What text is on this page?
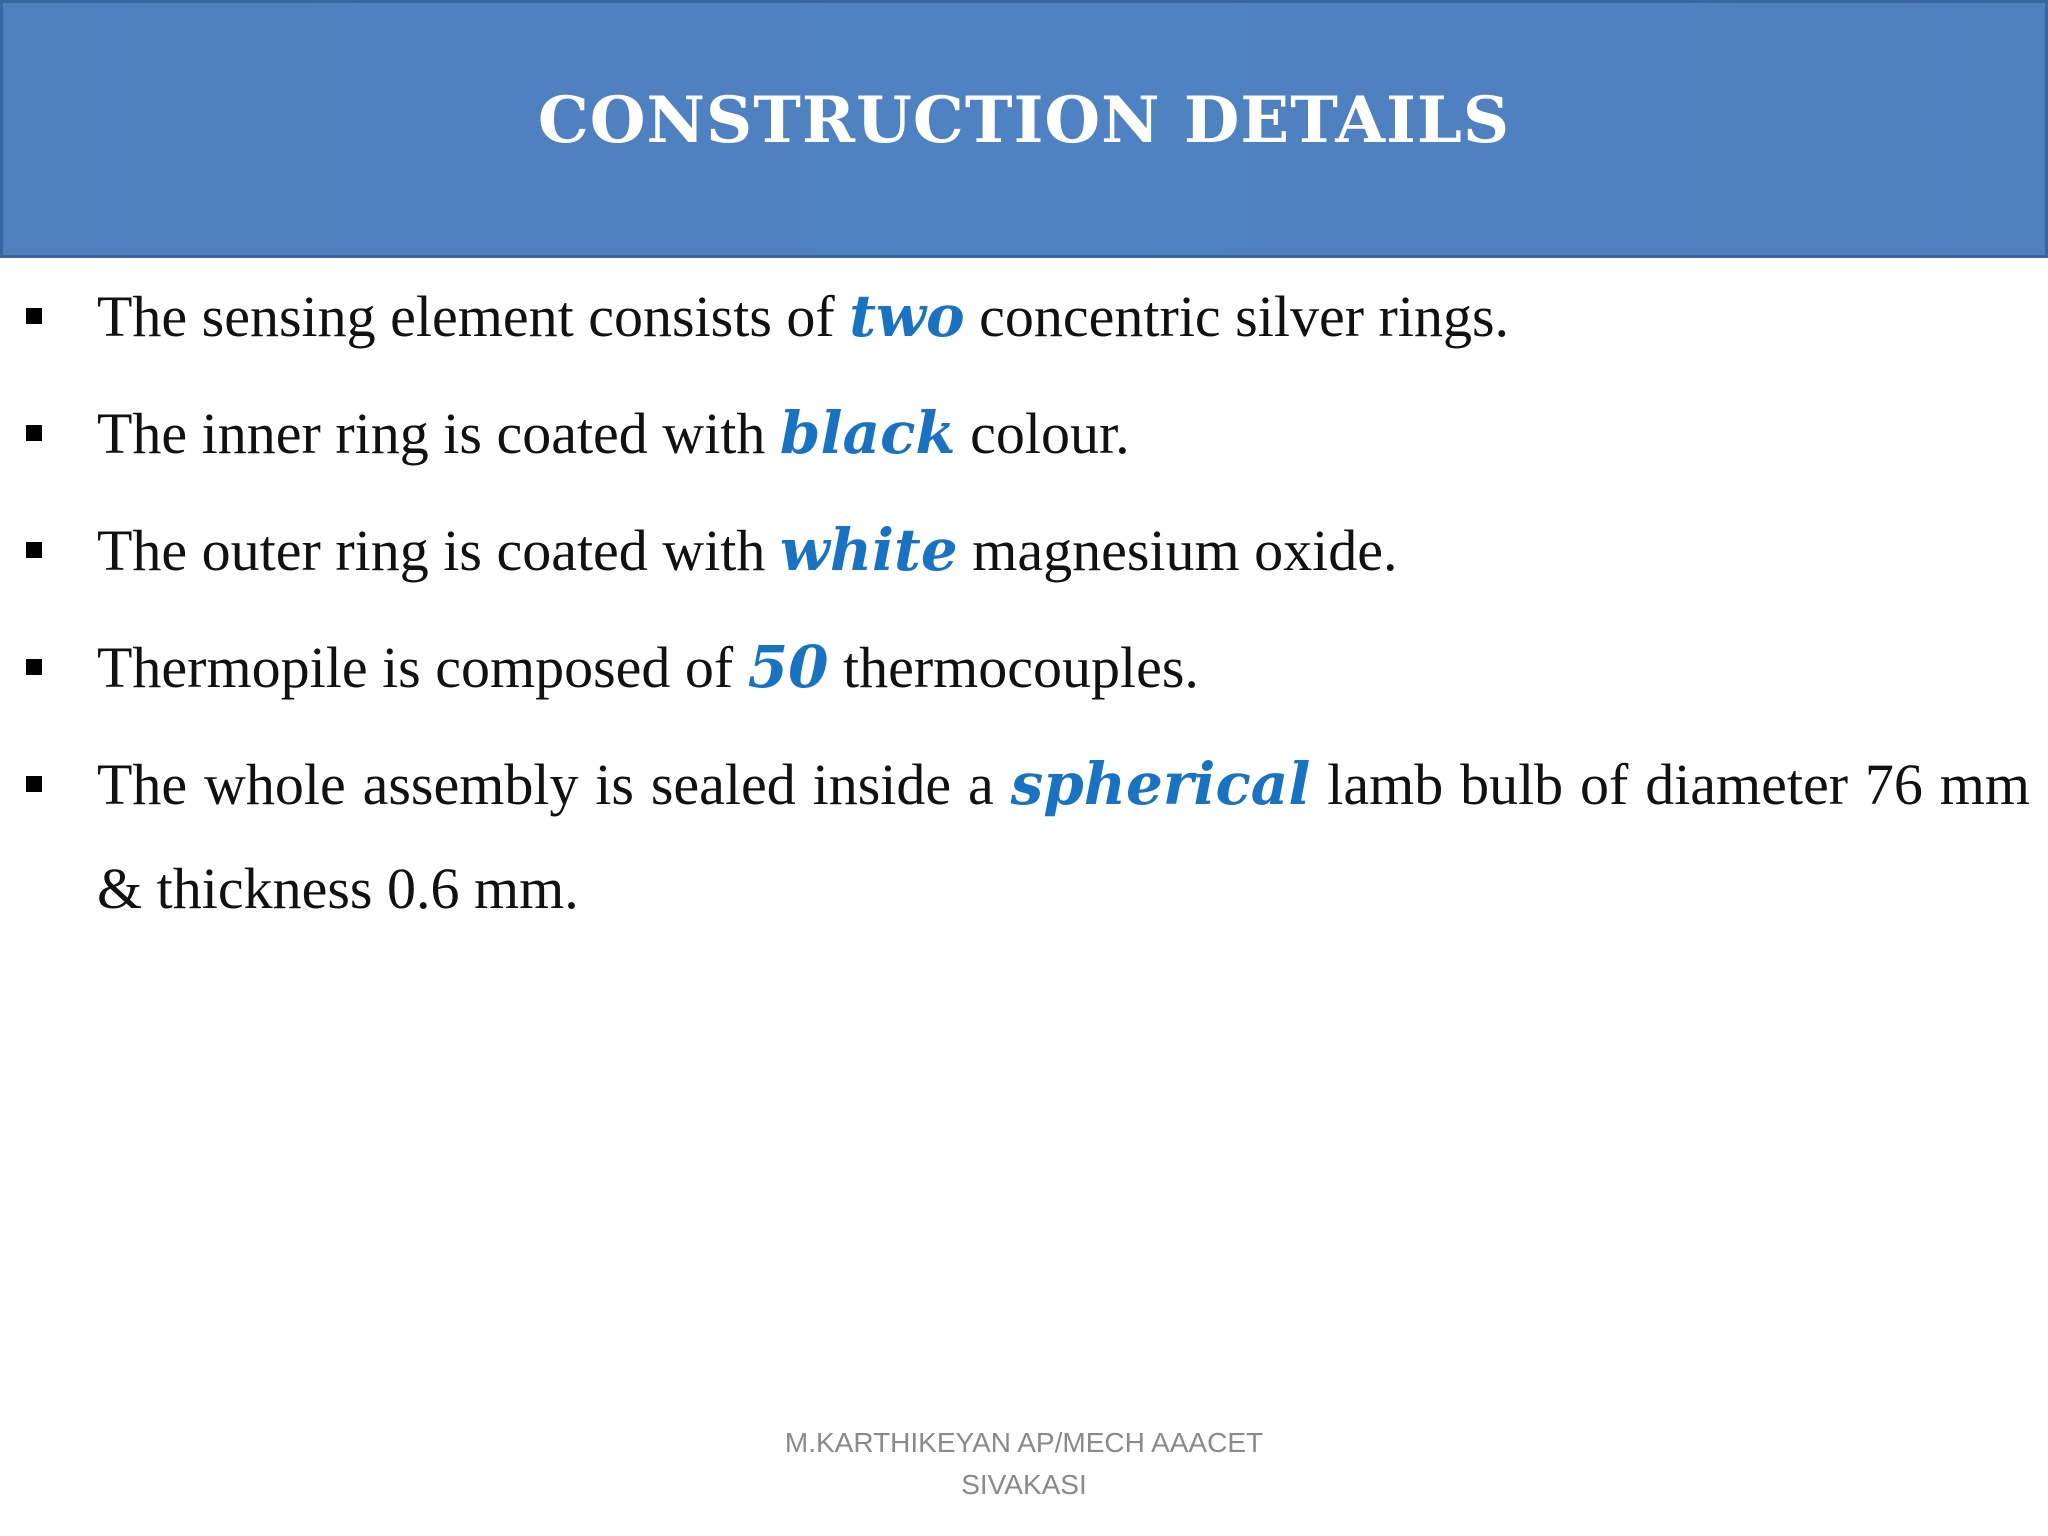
CONSTRUCTION DETAILS
The sensing element consists of two concentric silver rings.
The inner ring is coated with black colour.
The outer ring is coated with white magnesium oxide.
Thermopile is composed of 50 thermocouples.
The whole assembly is sealed inside a spherical lamb bulb of diameter 76 mm & thickness 0.6 mm.
M.KARTHIKEYAN AP/MECH AAACET
SIVAKASI
